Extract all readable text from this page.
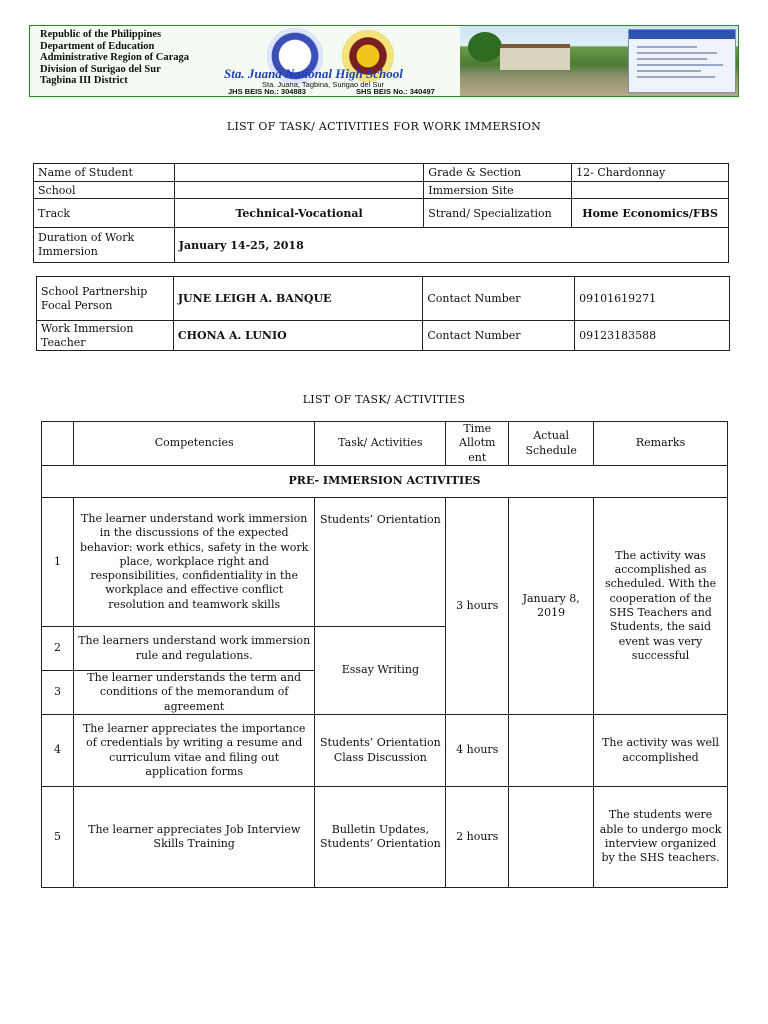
Republic of the Philippines
Department of Education
Administrative Region of Caraga
Division of Surigao del Sur
Tagbina III District	Sta. Juana National High School
Sta. Juana, Tagbina, Surigao del Sur
JHS BEIS No.: 304883	SHS BEIS No.: 340497
LIST OF TASK/ ACTIVITIES FOR WORK IMMERSION
Name of Student		Grade & Section	12- Chardonnay
School		Immersion Site	
Track	Technical-Vocational	Strand/ Specialization	Home Economics/FBS
Duration of Work Immersion	January 14-25, 2018		
School Partnership Focal Person	JUNE LEIGH A. BANQUE	Contact Number	09101619271
Work Immersion Teacher	CHONA A. LUNIO	Contact Number	09123183588
LIST OF TASK/ ACTIVITIES
	Competencies	Task/ Activities	Time Allotm ent	Actual Schedule	Remarks
PRE- IMMERSION ACTIVITIES					
1	The learner understand work immersion in the discussions of the expected behavior: work ethics, safety in the work place, workplace right and responsibilities, confidentiality in the workplace and effective conflict resolution and teamwork skills	Students’ Orientation	3 hours	January 8, 2019	The activity was accomplished as scheduled. With the cooperation of the SHS Teachers and Students, the said event was very successful
2	The learners understand work immersion rule and regulations.	Essay Writing			
3	The learner understands the term and conditions of the memorandum of agreement				
4	The learner appreciates the importance of credentials by writing a resume and curriculum vitae and filing out application forms	Students’ Orientation Class Discussion	4 hours		The activity was well accomplished
5	The learner appreciates Job Interview Skills Training	Bulletin Updates, Students’ Orientation	2 hours		The students were able to undergo mock interview organized by the SHS teachers.
